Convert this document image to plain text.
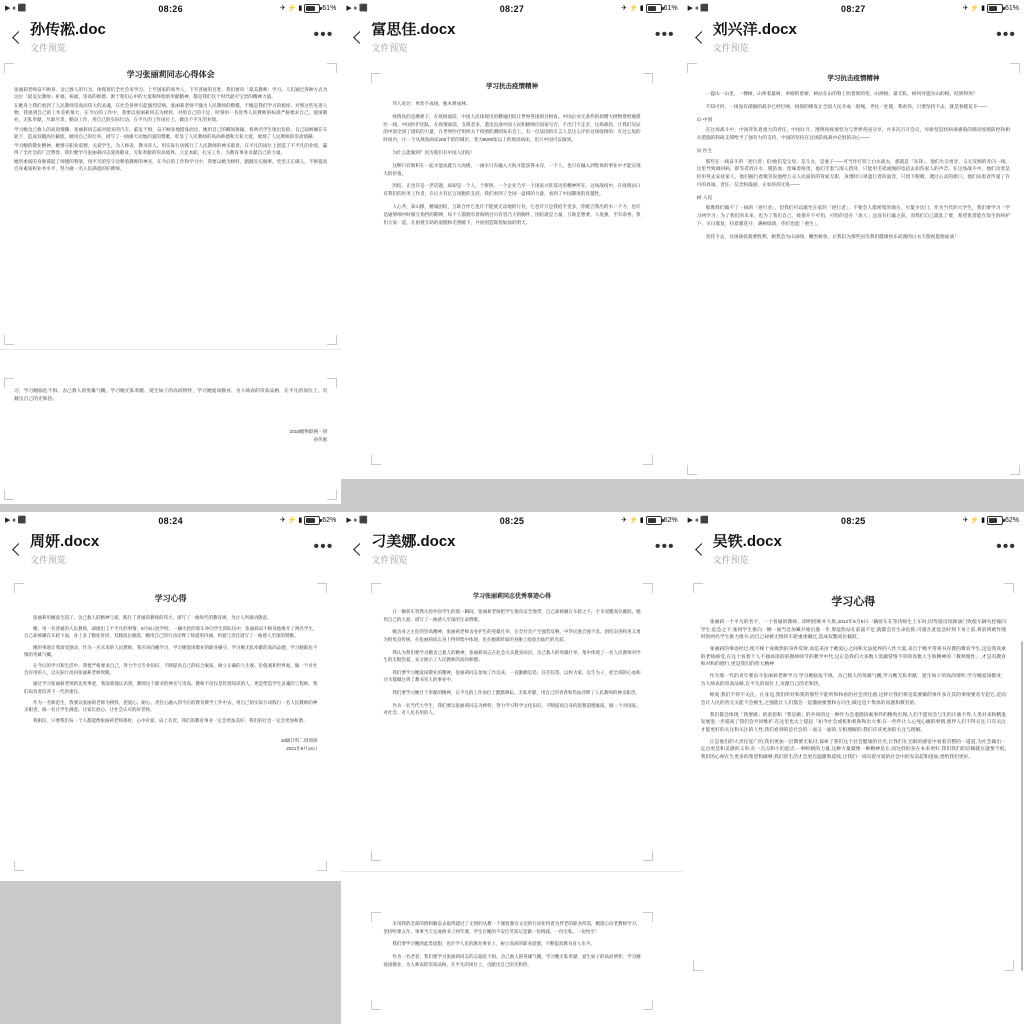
▶ ⏸ ⬛	08:26	✈ ⚡ ▮	61%
孙传淞.doc
文件预览
•••
学习张丽莉同志心得体会

张丽莉老师奋不顾身、舍己救人的行为，体现着们全社会来学习。上至国家的领导人，下至普通的百姓，我们要向「最美教师」学习。人们通过各种方式为这位「最美女教师」祈福，祝福、崇高的师德、源于我们心中的大爱和终始的奉献精神，都是我们这个时代最可宝贵的精神力量。

在她身上我们看到了人民教师崇高而伟大的灵魂，在社会各界引起强烈反响。张丽莉老师不愧为人民教师的楷模，不愧是我们学习的榜样。对照这些先进人物，我感到自己的工作差距很大，在今后的工作中，我要以张丽莉同志为榜样，对照自己的不足，时刻用一名优秀人民教师的标准严格要求自己，爱岗敬业，无私奉献，尽职尽责，勤奋工作，用自己的实际行动，在平凡的工作岗位上，做出不平凡的业绩。

学习她舍己救人的高尚情操，张丽莉同志面对驶来的汽车，临危不惧，奋不顾身地挺身而出，她用自己的瞬间推搡，将两名学生推出危险，自己却被碾在车轮下，造成双腿高位截肢。她用自己的壮举，谱写了一曲感天动地的爱的赞歌，彰显了人民教师的高尚师德和无私大爱，展现了人民教师的崇高情操。

学习她的敬业精神，她恪守职业道德，关爱学生，为人师表，教书育人，用实际行动践行了人民教师的神圣职责，在平凡的岗位上创造了不平凡的业绩，赢得了全社会的广泛赞誉。我们要学习张丽莉同志爱岗敬业、无私奉献的崇高境界，立足本职，扎实工作，为教育事业贡献自己的力量。

她用柔弱的身躯撑起了师德的脊梁，用平凡的坚守诠释着教师的神圣，在今后的工作和学习中，我要以她为榜样，踏踏实实做事，堂堂正正做人，不断提高自身素质和业务水平，努力做一名人民满意的好教师。

习，学习她临危不惧、舍己救人的英雄气概，学习她无私奉献、爱生如子的高尚情怀，学习她爱岗敬业、为人师表的崇高品格，在平凡的岗位上，贡献出自己的光和热。

2018级物联网一班

孙传淞

▶ ⏸ ⬛	08:27	✈ ⚡ ▮	61%
富思佳.docx
文件预览
•••
学习抗击疫情精神

伟人说过：单丝不成线，独木难成林。

疫情真的是磨难子，在疫情面前，中国人民体现出的精诚团结让世界各国刮目相看。中国企业无条件的捐赠大批物资给驰援医一线，中国医护团队，在疫情面前，支援者多，遣送直战中国人民积极响应国家号召，不出门不走亲，这场战役，让我们见证的中国全国了团结的力量，在世界医疗组织关于疫情的测阅发布会上，有一位法国的友言人是这么评价这场疫情的：在这么短的时间内，让一个从规高病床200千的的城市，变为8000张以上的规高病床，也只中国可以做到。

为什么能做到？因为我们有中国人团结！

这种只有堆积在一起才能成就互大高楼，一滴水只有融入大海才能获得永存，一个人，也只有融入到集体的事业中才能实现大的价值。

团结，正也许是一老话题，却却是一个人，个班组，一个企业乃至一个国家兴旺发达的精神所在，这场战疫中，在疫情站口有我们的医务工作者，在后方有亿万同胞的支持，我们看到了全国一盘棋的力量，看到了中国制度的优越性。

人心齐，泰山移，精诚团结，互助合作它也许不能使无动地的行业，它也许只是我抢手里多，你配合我出的水一个力，也许是通情细中时相互指挡的期禅，每个人都拥有着海纳百川有容乃大的胸怀，团结就是力量，互助是想要，人攻强，手有余香，我们大家一起，在困难互助的道理和光照暖下，共同创造辉煌灿灿的明天。

▶ ⏸ ⬛	08:27	✈ ⚡ ▮	61%
刘兴洋.docx
文件预览
•••
学习抗击疫情精神

一提山一山里，一棵树，山拳着最树，单刚的着树，树站在山的脊上吹着果的变，山摔根；最无私，树何对施为山的根，结果得用？

不知可何，一场没有硝烟的战争已经打响，疫情的爆发让全国人民开成一股绳，齐往一处使，我看你，只要坚持下去，就是春暖花开——

山·中国

在这场战斗中，中国背负着重大的责任，中国让开，透明将疫情变为与世界各国分享，并多次召开会议，对新型冠状病毒感染的肺炎疫情防控和相关措施的科研支撑给予了强有力的支持，中国的坚持在这场防疫战中必胜的决心——

泉·医生

那些在一线奋斗的「逆行者」们!他们是父母，是儿女，是妻子——可当作打铁上白衣战衣，那就是「先锋」，他们火尖勇牙、义无反顾的奔向一线，这里导致调回病、即等者消汗水、脱防血、留味着疼烫，他们手套与深人搭环，只能用毛笔或绳的电话去扣伤家人的声音。在这场战斗中，他们舍着是轻用英去安抚家人，他们握行着微笑说他给万众人民面的的背面无职，身透时口罩遮行着的面容，只留下眼睛，透过心灵的窗口，他们向患者传递了许可的真诚、责任、信念和鼓励，正如你的无私——

树·人民

那像我们做不了一线的「逆行者」，但我们可以做宅在家的「逆行者」，不要会人群密集的地方，尽量少出门，作为当代的大学生，我们要学习「学习两学习」为了我们的未来，也为了我们自己，疫情开不可怕，可怕的是在「放人」还没有打赢之前，而我们自己就乱了要，希望患者能在饭生的呵护下，早日康复，持着暖花开，满树绿荫，你们也能「重生」。

坚持下去，这场战役就要胜利，树我会为山添绿，嫩害树妆，让我们为那些因为我们健康快乐而渡的白衣天使祝愿他加油！

▶ ⏸ ⬛	08:24	✈ ⚡ ▮	62%
周妍.docx
文件预览
•••
学习心得

张丽莉用她爱生超子，舍己救人的精神与爱，践行了普通的教师的伟大，谱写了一曲时代的教育颂，为让人所感动敬意。

她，用一名普通的人民教师，却做出了不平凡的事情，5月8日放学时，一辆失控的客车冲向学生的队伍中，张丽莉奋不顾身地推开了两名学生，自己却被碾在车轮下面，身上多了数处骨折，双腿高位截肢，她用自己的行动诠释了师爱的内涵，用爱与责任谱写了一曲感人至深的赞歌。

她的事迹让我深受感动，作为一名未来的人民教师，我应该向她学习，学习她爱岗敬业的职业操守，学习她无私奉献的高尚品德，学习她临危不惧的英雄气概。

在今后的学习和生活中，我要严格要求自己，努力学习专业知识，不断提高自己的综合素质，树立正确的人生观、价值观和世界观，做一个对社会有用的人，以实际行动向张丽莉老师致敬。

通过学习张丽莉老师的先进事迹，我深刻地认识到，教师这个职业的神圣与崇高。教师不仅仅是传授知识的人，更是塑造学生灵魂的工程师，我们肩负着培养下一代的重任。

作为一名师范生，我要以张丽莉老师为榜样，把爱心、耐心、责任心融入到今后的教育教学工作中去，用自己的实际行动践行一名人民教师的神圣职责，做一名让学生满意、让家长放心、让社会认可的好老师。

我相信，只要我们每一个人都能像张丽莉老师那样，心中有爱，肩上有责，我们的教育事业一定会更加美好，我们的社会一定会更加和谐。

18级计科二班周妍

2021年9月16日

▶ ⏸ ⬛	08:25	✈ ⚡ ▮	62%
刁美娜.docx
文件预览
•••
学习张丽莉同志优秀事迹心得

在一辆客车突然失控冲向学生的那一瞬间，张丽莉老师把学生推向安全地带，自己却被碾在车轮之下，不幸双腿高位截肢。她用自己的大爱，谱写了一曲感人至深的生命赞歌。

她舍身之主危的崇高精神，张丽莉老师舍身护生的英雄壮举，在全社会产生强烈反响，中华民族自强不息、团结奋进和见义勇为的优良传统，在张丽莉同志身上得到集中体现，也在她那纤弱的身躯上绽放出灿烂的光彩。

我认为我们要学习她舍己救人的精神，张丽莉同志在危急关头挺身而出、舍己救人的英雄壮举，集中体现了一名人民教师对学生的无限热爱，充分展示了人民教师的高尚师德。

我们要学习她爱岗敬业的精神，张丽莉同志参加工作以来，一直勤勤恳恳、任劳任怨，以校为家、以生为子，把全部的心血和汗水都倾注到了教书育人的事业中。

我们要学习她甘于奉献的精神，在平凡的工作岗位上默默耕耘、无私奉献，用自己的青春和热血诠释了人民教师的神圣职责。

作为一名当代大学生，我们要以张丽莉同志为榜样，努力学习科学文化知识，不断提高自身的思想道德素质，做一个对国家、对社会、对人民有用的人。

未用我的全部的情和勤奋去取得建过了无情的从教一个课复制女文迈的行动化特着为伴老的职业所需，她遗心向老教师学习，坚持听课五年，事事当天完成换书了两年课，学生在她的不安位笑知记是做一份情减，一份无私。一份快至！

我们要学习她的此类思想，也许学人民的教育事业上，树立高尚的职业道德，不断提高教书育人水平。

作为一名老者，我们要学习张丽莉同志的志临危不惧、舍己救人的英雄气概，学习她无私奉献、爱生如子的高尚情怀，学习她爱岗敬业、为人师表的崇高品格，在平凡的岗位上，贡献出自己的光和热。

▶ ⏸ ⬛	08:25	✈ ⚡ ▮	62%
吴铁.docx
文件预览
•••
学习心得

张丽莉一个平凡的名字，一个普通的教师，即明招师并大班,2012年5月8日一辆客车在等待师生上车时,因驾驶员误踩油门致使车辆失控撞向学生,危急之下,张将学生推向一侧一面当急加紧开始后施一步,那危险站在前面不足,就都会有生命危险,可就在此危急时刻下身上前,将前将被作理时的两名学生推力推开,而自己却被无情的车轮重重碾过,造成双腿高位截肢。

张丽莉的事迹经过,使不顾个身微然的身件反射,而是来由于她爱心之间和无法能界的人性大爱,来自于她平常将书育教的教育学生,这是我真重的老师感受,在这个看着个人不独谈谈的的教师师节的教学中代,这正是我们大多数人需做常情不管的高雅人生和精神的「教师理性」,才是有教育和对和的德行,更是我们的伟大精神

作为那一代的青年要奋斗张丽莉老师学习,学习她临危不惧、舍己救人的英雄气概,学习她无私奉献、爱生如子的高尚情怀,学习她爱岗敬业、为人师表的崇高品格,在平凡的岗位上,贡献自己的光和热。

师爱,我们不得不关注。在身边,我们所对和我的那些不能听和和看的社会责任感,这样让我们将是需要做的事作多在其的事情要者专起它,近而会让人民的普无关能不会被生,之强能让人们都会一起激励要想和方向生,做这是个集体的问题和教育的。

我们都会体现「我要做」的意思和「我是做」的共同的这一种作为会道德因素事件的精致出现,人们不愿说会与生的汗液不得,人类对来和精进发展进一步提高了我们会共同维护,在这里也太上提起「如今社会或机和机和和出大事,在一件件让人心死心痛的事情,使伴人们不得关注,只有关注才能更好的关注和关注的人性,我们看到的是社会的一面又一面的,互相理解的,我们应该更加的关注与理解。

正是他们的大责任宽广的,我们更加一层期要无私付,探索了我们这个社会健康的目光,让我们在无限的感觉中看着有整的一道道,为社会做出一定点更是和美感的义举,在一点点和小的起点,一种积极的力量,这种力量就像一种精神是在,而这样的多在本来更好,我们我们的信赖就在就要不低,我们的心相在生更多的希望和做够,我们的生活才会更有温暖和延续,让我们一同向着可爱的社会中的发奋起和进加,更给我们更好。
